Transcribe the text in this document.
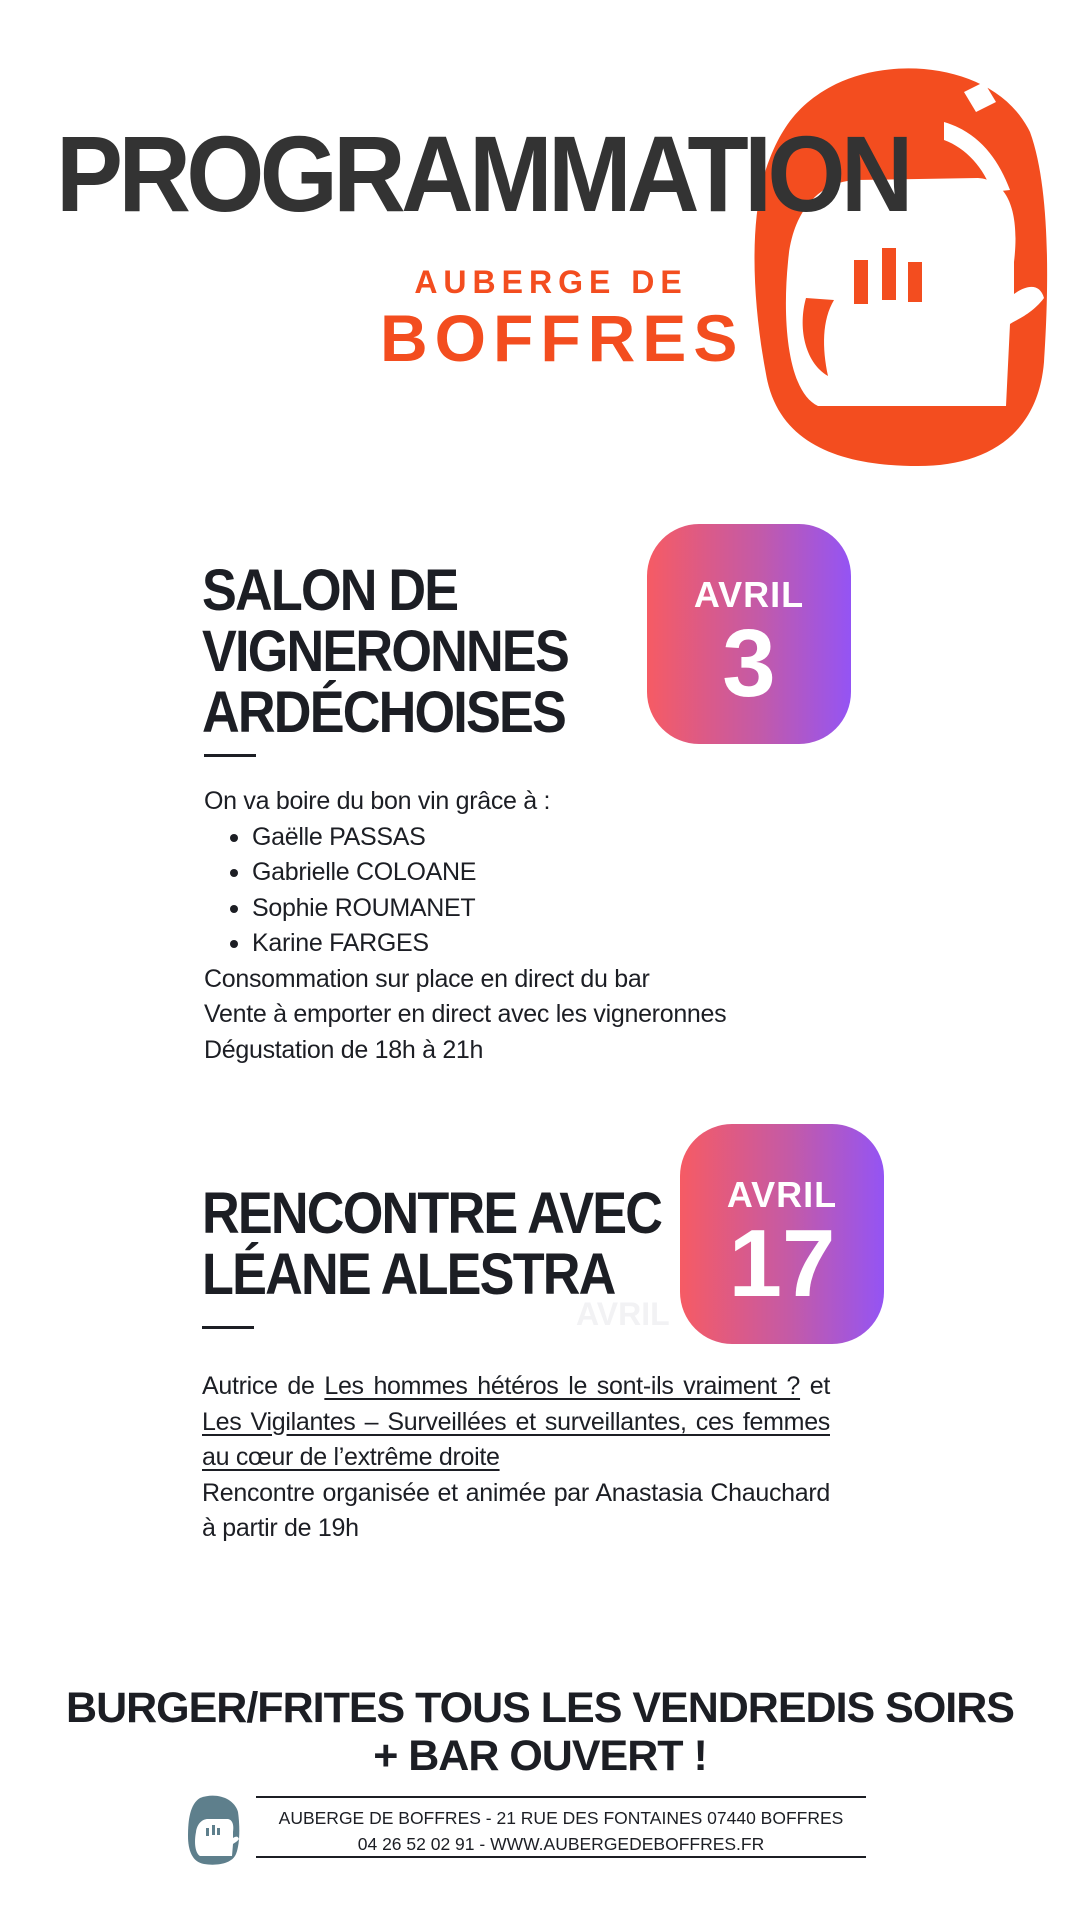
PROGRAMMATION
AUBERGE DE
BOFFRES
SALON DE
VIGNERONNES
ARDÉCHOISES
AVRIL
3
On va boire du bon vin grâce à :
Gaëlle PASSAS
Gabrielle COLOANE
Sophie ROUMANET
Karine FARGES
Consommation sur place en direct du bar
Vente à emporter en direct avec les vigneronnes
Dégustation de 18h à 21h
RENCONTRE AVEC
LÉANE ALESTRA
AVRIL
AVRIL
17
Autrice de Les hommes hétéros le sont-ils vraiment ? et Les Vigilantes – Surveillées et surveillantes, ces femmes au cœur de l’extrême droite
Rencontre organisée et animée par Anastasia Chauchard à partir de 19h
BURGER/FRITES TOUS LES VENDREDIS SOIRS
+ BAR OUVERT !
AUBERGE DE BOFFRES - 21 RUE DES FONTAINES 07440 BOFFRES
04 26 52 02 91 - WWW.AUBERGEDEBOFFRES.FR
